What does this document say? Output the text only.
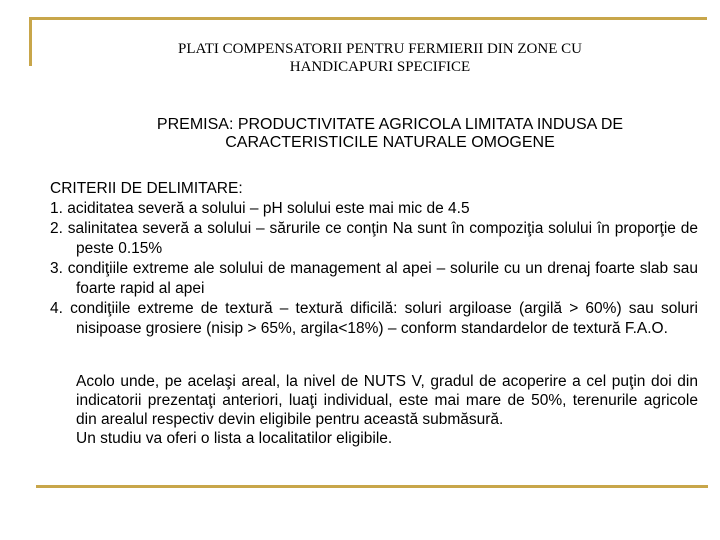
PLATI COMPENSATORII PENTRU FERMIERII DIN ZONE CU
HANDICAPURI SPECIFICE
PREMISA: PRODUCTIVITATE AGRICOLA LIMITATA INDUSA DE
CARACTERISTICILE NATURALE OMOGENE
CRITERII DE DELIMITARE:
1. aciditatea severă a solului – pH solului este mai mic de 4.5
2. salinitatea severă a solului – sărurile ce conţin Na sunt în compoziţia solului în proporţie de peste 0.15%
3. condiţiile extreme ale solului de management al apei – solurile cu un drenaj foarte slab sau foarte rapid al apei
4. condiţiile extreme de textură – textură dificilă: soluri argiloase (argilă > 60%) sau soluri nisipoase grosiere (nisip > 65%, argila<18%) – conform standardelor de textură F.A.O.
Acolo unde, pe acelaşi areal, la nivel de NUTS V, gradul de acoperire a cel puţin doi din indicatorii prezentaţi anteriori, luaţi individual, este mai mare de 50%, terenurile agricole din arealul respectiv devin eligibile pentru această submăsură.
Un studiu va oferi o lista a localitatilor eligibile.
